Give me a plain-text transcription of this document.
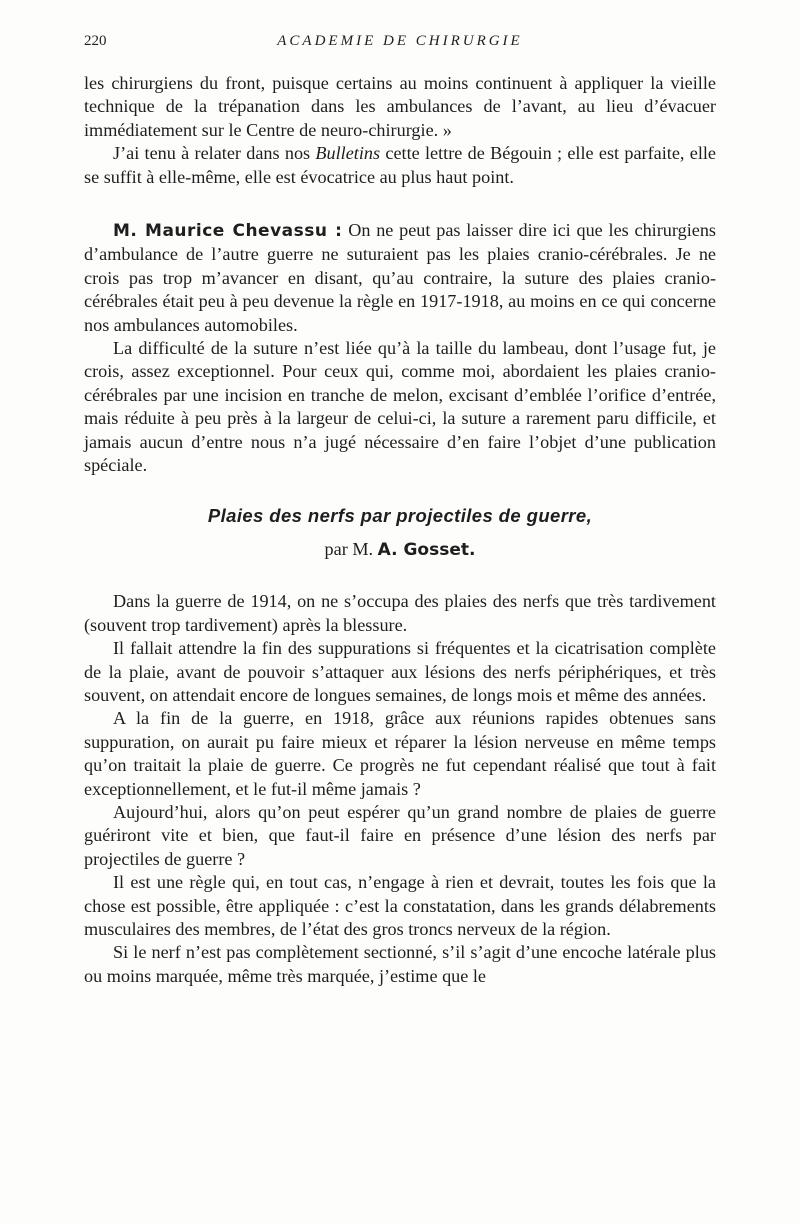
220	ACADEMIE DE CHIRURGIE

les chirurgiens du front, puisque certains au moins continuent à appliquer la vieille technique de la trépanation dans les ambulances de l’avant, au lieu d’évacuer immédiatement sur le Centre de neuro-chirurgie. »

J’ai tenu à relater dans nos Bulletins cette lettre de Bégouin ; elle est parfaite, elle se suffit à elle-même, elle est évocatrice au plus haut point.

M. Maurice Chevassu : On ne peut pas laisser dire ici que les chirurgiens d’ambulance de l’autre guerre ne suturaient pas les plaies cranio-cérébrales. Je ne crois pas trop m’avancer en disant, qu’au contraire, la suture des plaies cranio-cérébrales était peu à peu devenue la règle en 1917-1918, au moins en ce qui concerne nos ambulances automobiles.

La difficulté de la suture n’est liée qu’à la taille du lambeau, dont l’usage fut, je crois, assez exceptionnel. Pour ceux qui, comme moi, abordaient les plaies cranio-cérébrales par une incision en tranche de melon, excisant d’emblée l’orifice d’entrée, mais réduite à peu près à la largeur de celui-ci, la suture a rarement paru difficile, et jamais aucun d’entre nous n’a jugé nécessaire d’en faire l’objet d’une publication spéciale.

Plaies des nerfs par projectiles de guerre,
par M. A. Gosset.

Dans la guerre de 1914, on ne s’occupa des plaies des nerfs que très tardivement (souvent trop tardivement) après la blessure.

Il fallait attendre la fin des suppurations si fréquentes et la cicatrisation complète de la plaie, avant de pouvoir s’attaquer aux lésions des nerfs périphériques, et très souvent, on attendait encore de longues semaines, de longs mois et même des années.

A la fin de la guerre, en 1918, grâce aux réunions rapides obtenues sans suppuration, on aurait pu faire mieux et réparer la lésion nerveuse en même temps qu’on traitait la plaie de guerre. Ce progrès ne fut cependant réalisé que tout à fait exceptionnellement, et le fut-il même jamais ?

Aujourd’hui, alors qu’on peut espérer qu’un grand nombre de plaies de guerre guériront vite et bien, que faut-il faire en présence d’une lésion des nerfs par projectiles de guerre ?

Il est une règle qui, en tout cas, n’engage à rien et devrait, toutes les fois que la chose est possible, être appliquée : c’est la constatation, dans les grands délabrements musculaires des membres, de l’état des gros troncs nerveux de la région.

Si le nerf n’est pas complètement sectionné, s’il s’agit d’une encoche latérale plus ou moins marquée, même très marquée, j’estime que le
